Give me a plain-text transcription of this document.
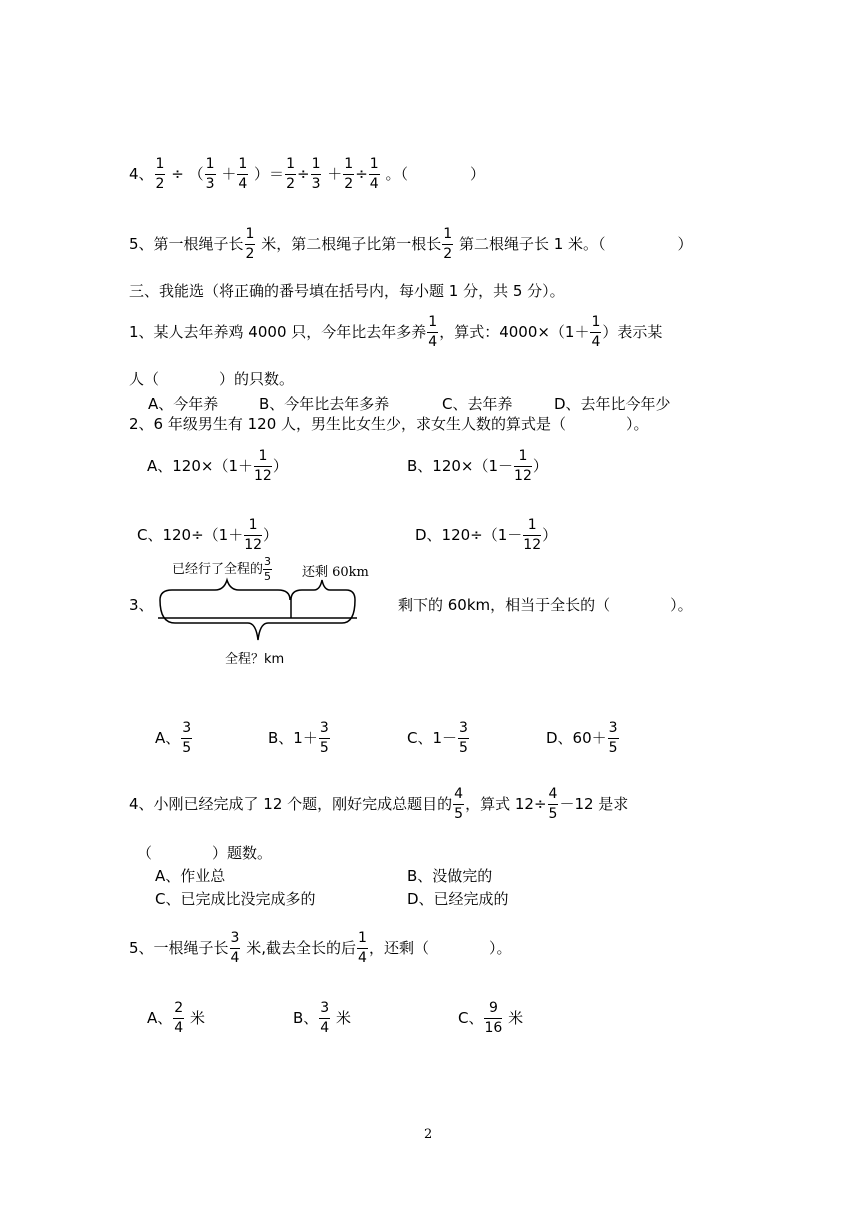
4、 $\frac{1}{2}$ ÷ （ $\frac{1}{3} + \frac{1}{4}$ ）＝ $\frac{1}{2} \div \frac{1}{3} + \frac{1}{2} \div \frac{1}{4}$ 。（	）
5、第一根绳子长 $\frac{1}{2}$ 米，第二根绳子比第一根长 $\frac{1}{2}$ 第二根绳子长 1 米。（	）
三、我能选（将正确的番号填在括号内，每小题 1 分，共 5 分）。
1、某人去年养鸡 4000 只，今年比去年多养 $\frac{1}{4}$ ，算式：$4000\times(1+ \frac{1}{4}$ ）表示某
人（　　　　）的只数。
A、今年养	B、今年比去年多养	C、去年养	D、去年比今年少
2、6 年级男生有 120 人，男生比女生少，求女生人数的算式是（　　　　）。
A、$120\times(1+ \frac{1}{12}$ ）	B、$120\times(1- \frac{1}{12}$ ）
C、$120\div(1+ \frac{1}{12}$ ）	D、$120\div(1- \frac{1}{12}$ ）
3、
已经行了全程的 $\frac{3}{5}$ 还剩 60km
全程？km
剩下的 60km，相当于全长的（　　　　）。
A、 $\frac{3}{5}$	B、$1+ \frac{3}{5}$	C、$1- \frac{3}{5}$	D、$60+ \frac{3}{5}$
4、小刚已经完成了 12 个题，刚好完成总题目的 $\frac{4}{5}$ ，算式 $12\div \frac{4}{5} -12$ 是求
（　　　　）题数。
A、作业总	B、没做完的
C、已完成比没完成多的	D、已经完成的
5、一根绳子长 $\frac{3}{4}$ 米,截去全长的后 $\frac{1}{4}$ ，还剩（　　　　）。
A、 $\frac{2}{4}$ 米	B、 $\frac{3}{4}$ 米	C、 $\frac{9}{16}$ 米
2
